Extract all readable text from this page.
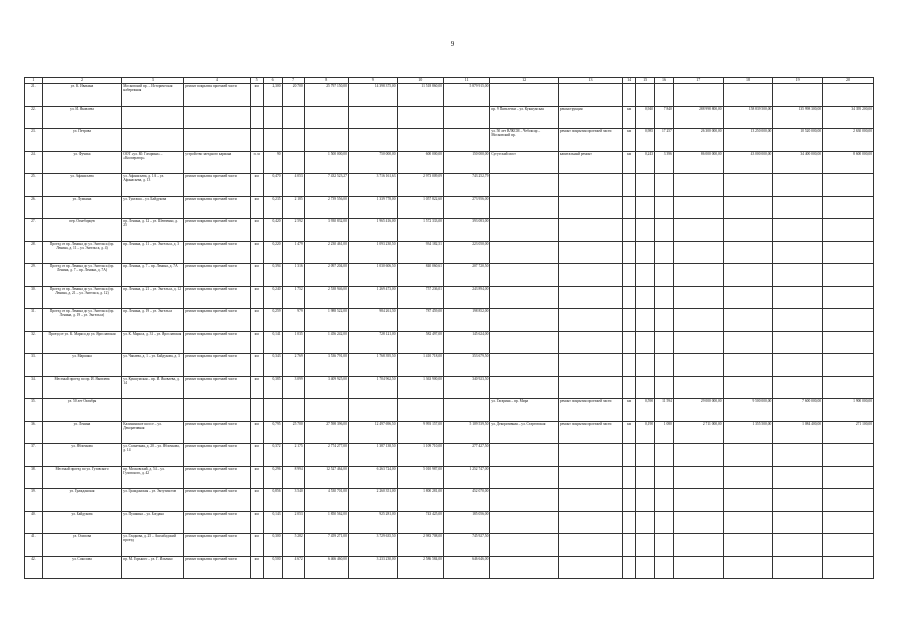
9
1	2	3	4	5	6	7	8	9	10	11	12	13	14	15	16	17	18	19	20
21.	ул. К. Ивакина	Московский пр. – Историческая набережная	ремонт покрытия проезжей части	км	2,300	20 700	25 797 150,00	14 398 375,00	11 518 860,00	5 879 915,00									
22.	ул. И. Яковлева										пр. 9 Пятилетки – ул. Кукшумская	реконструкция	км	0,940	7 840	288 998 800,00	158 839 500,00	135 998 300,00	34 395 200,00
23.	ул. Петрова										ул. 50 лет ВЛКСМ – Чебоксар – Московский пр.	ремонт покрытия проезжей части	км	0,985	17 257	26 300 000,00	13 250 000,00	10 520 000,00	2 630 000,00
24.	ул. Фучика	ООТ «ул. Ю. Гагарина» – «Кооператор»	устройство заездного кармана	п. м	90		1 500 000,00	750 000,00	600 000,00	150 000,00	Сугутский мост	капитальный ремонт	км	0,243	3 396	86 000 000,00	43 000 000,00	34 400 000,00	8 600 000,00
25.	ул. Афанасьева	ул. Афанасьева, д. 1А – ул. Афанасьева, д. 13	ремонт покрытия проезжей части	км	0,470	4 053	7 432 523,27	3 716 161,63	2 973 009,09	743 252,79									
26.	ул. Лумкина	ул. Тукташа – ул. Байдукова	ремонт покрытия проезжей части	км	0,235	2 185	2 739 556,00	1 339 778,00	1 057 822,60	273 956,00									
27.	пер. Огнеборцев	пр. Ленина, д. 12 – ул. Шевченко, д. 25	ремонт покрытия проезжей части	км	0,420	2 592	3 930 832,00	1 965 416,00	1 572 333,00	393 083,00									
28.	Проезд от пр. Ленина до ул. Энгельса (пр. Ленина, д. 11 – ул. Энгельса, д. 4)	пр. Ленина, д. 11 – ул. Энгельса, д. 3	ремонт покрытия проезжей части	км	0,220	1 479	2 230 461,00	1 093 230,50	934 182,51	223 050,00									
29.	Проезд от пр. Ленина до ул. Энгельса (пр. Ленина, д. 7 – пр. Ленина, д. 7А)	пр. Ленина, д. 7 – пр. Ленина, д. 7А	ремонт покрытия проезжей части	км	0,394	1 316	2 097 204,00	1 030 606,50	840 060,61	207 720,50									
30.	Проезд от пр. Ленина до ул. Энгельса (пр. Ленина, д. 21 – ул. Энгельса, д. 12)	пр. Ленина, д. 21 – ул. Энгельса, д. 12	ремонт покрытия проезжей части	км	0,240	1 752	2 538 946,00	1 269 473,00	757 236,01	243 894,00									
31.	Проезд от пр. Ленина до ул. Энгельса (пр. Ленина, д. 19 – ул. Энгельса)	пр. Ленина, д. 19 – ул. Энгельса	ремонт покрытия проезжей части	км	0,259	979	1 988 522,00	984 261,50	787 459,00	198 852,00									
32.	Проезд от ул. К. Маркса до ул. Ярославская	ул. К. Маркса, д. 31 – ул. Ярославская	ремонт покрытия проезжей части	км	0,141	1 035	1 456 242,00	728 121,00	582 497,00	145 624,00									
33.	ул. Маршака	ул. Чапаева, д. 1 – ул. Байдукова, д. 3	ремонт покрытия проезжей части	км	0,343	2 769	3 536 791,00	1 768 395,50	1 410 718,00	353 679,50									
34.	Местный проезд по пр. И. Яковлева	ул. Кукшумская – пр. И. Яковлева, д. 14	ремонт покрытия проезжей части	км	0,385	3 099	3 409 925,00	1 704 962,50	1 363 900,00	340 923,50									
35.	ул. 50 лет Октября										ул. Гагарина – пр. Мира	ремонт покрытия проезжей части	км	0,590	11 594	29 000 000,00	9 500 000,00	7 600 000,00	1 900 000,00
36.	ул. Ленина	Калининское шоссе – ул. Декоративная	ремонт покрытия проезжей части	км	0,795	25 700	27 598 396,00	12 497 696,50	9 993 157,00	5 109 539,50	ул. Декоративная – ул. Стартовская	ремонт покрытия проезжей части	км	0,190	1 080	2 711 000,00	1 355 500,00	1 084 400,00	271 100,00
37.	ул. Яблочкова	ул. Солнечная, д. 20 – ул. Яблочкова, д. 14	ремонт покрытия проезжей части	км	0,372	2 175	2 774 277,00	1 387 138,50	1 109 710,00	277 427,50									
38.	Местный проезд по ул. Гузовского	пр. Московский, д. 54 – ул. Гузовского, д. 42	ремонт покрытия проезжей части	км	0,296	8 994	12 527 464,00	6 263 724,00	5 010 987,00	1 252 747,00									
39.	ул. Гражданская	ул. Гражданская – ул. Энтузиастов	ремонт покрытия проезжей части	км	0,856	3 540	4 530 701,00	2 260 351,00	1 800 281,00	452 070,00									
40.	ул. Байдукова	ул. Пушкина – ул. Богдана	ремонт покрытия проезжей части	км	0,143	2 053	1 850 562,00	925 281,00	743 425,00	185 056,00									
41.	ул. Осипова	ул. Гладкова, д. 25 – Ашхабадский проезд	ремонт покрытия проезжей части	км	0,300	5 282	7 459 271,00	3 729 635,50	2 983 708,00	745 927,50									
42.	ул. Соколова	пр. М. Горького – ул. Г. Ильенко	ремонт покрытия проезжей части	км	0,500	4 672	6 466 460,00	3 233 230,00	2 586 584,00	646 646,00									
